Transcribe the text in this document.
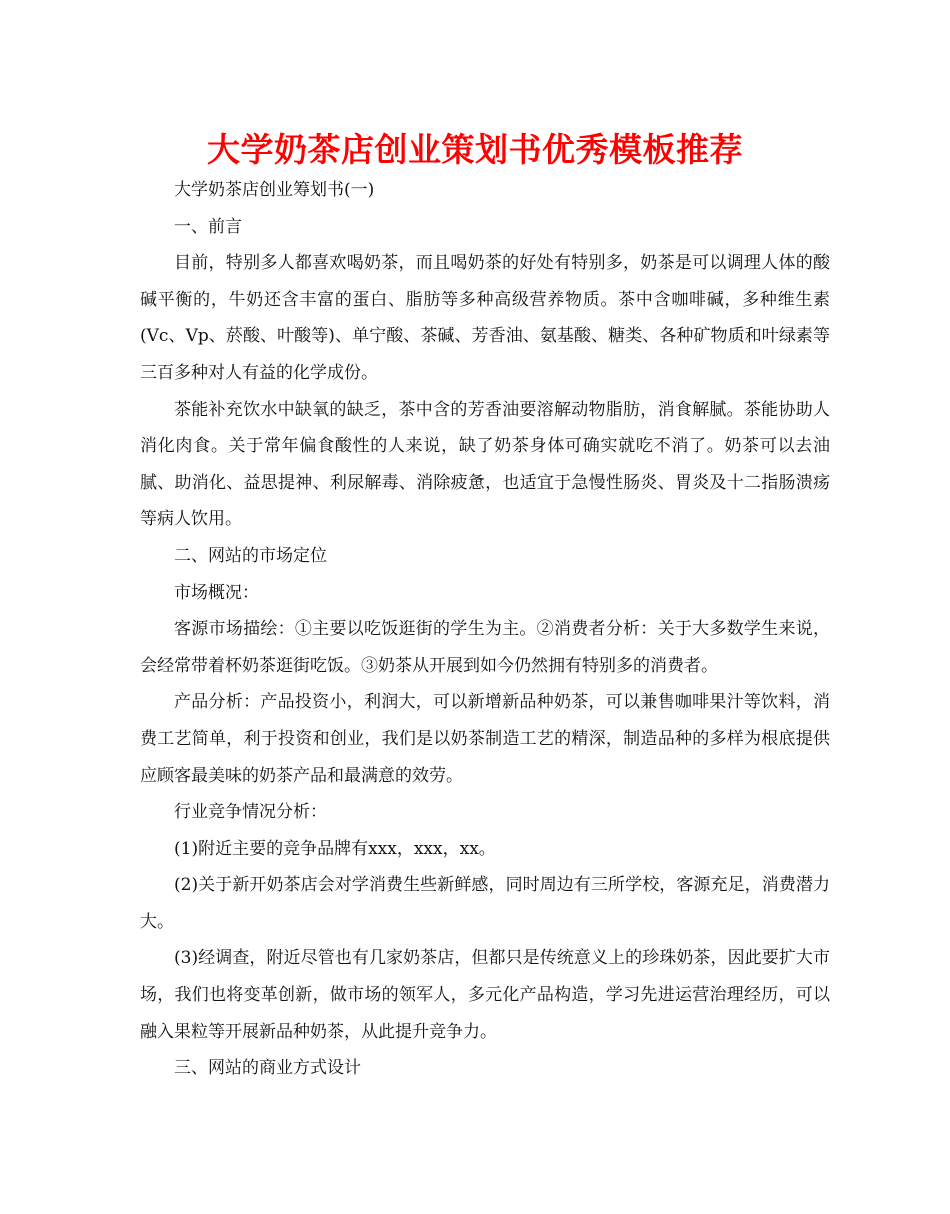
大学奶茶店创业策划书优秀模板推荐

大学奶茶店创业筹划书(一)

一、前言

目前，特别多人都喜欢喝奶茶，而且喝奶茶的好处有特别多，奶茶是可以调理人体的酸碱平衡的，牛奶还含丰富的蛋白、脂肪等多种高级营养物质。茶中含咖啡碱，多种维生素(Vc、Vp、菸酸、叶酸等)、单宁酸、茶碱、芳香油、氨基酸、糖类、各种矿物质和叶绿素等三百多种对人有益的化学成份。

茶能补充饮水中缺氧的缺乏，茶中含的芳香油要溶解动物脂肪，消食解腻。茶能协助人消化肉食。关于常年偏食酸性的人来说，缺了奶茶身体可确实就吃不消了。奶茶可以去油腻、助消化、益思提神、利尿解毒、消除疲惫，也适宜于急慢性肠炎、胃炎及十二指肠溃疡等病人饮用。

二、网站的市场定位

市场概况：

客源市场描绘：①主要以吃饭逛街的学生为主。②消费者分析：关于大多数学生来说，会经常带着杯奶茶逛街吃饭。③奶茶从开展到如今仍然拥有特别多的消费者。

产品分析：产品投资小，利润大，可以新增新品种奶茶，可以兼售咖啡果汁等饮料，消费工艺简单，利于投资和创业，我们是以奶茶制造工艺的精深，制造品种的多样为根底提供应顾客最美味的奶茶产品和最满意的效劳。

行业竞争情况分析：

(1)附近主要的竞争品牌有xxx，xxx，xx。

(2)关于新开奶茶店会对学消费生些新鲜感，同时周边有三所学校，客源充足，消费潜力大。

(3)经调查，附近尽管也有几家奶茶店，但都只是传统意义上的珍珠奶茶，因此要扩大市场，我们也将变革创新，做市场的领军人，多元化产品构造，学习先进运营治理经历，可以融入果粒等开展新品种奶茶，从此提升竞争力。

三、网站的商业方式设计
